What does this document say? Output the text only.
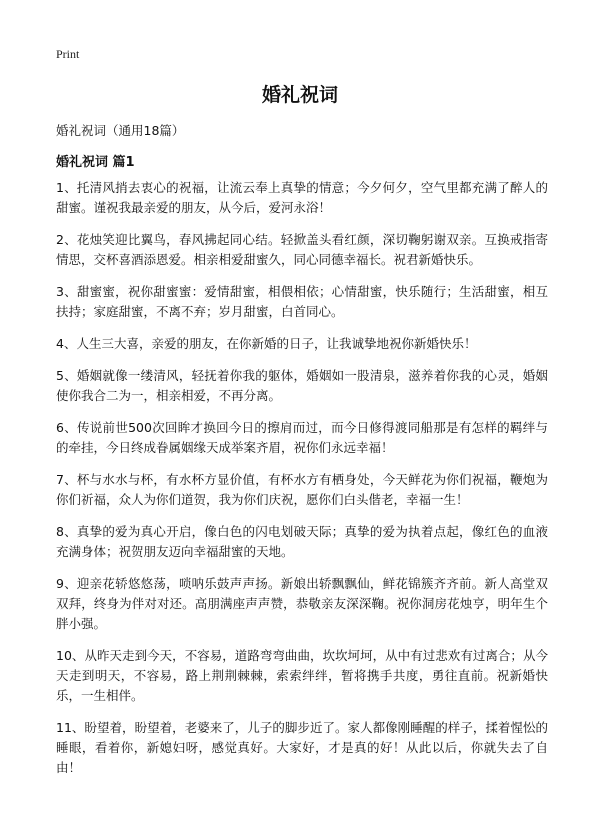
Print
婚礼祝词

婚礼祝词（通用18篇）

婚礼祝词 篇1

1、托清风捎去衷心的祝福，让流云奉上真挚的情意；今夕何夕，空气里都充满了醉人的甜蜜。谨祝我最亲爱的朋友，从今后，爱河永浴！

2、花烛笑迎比翼鸟，春风拂起同心结。轻掀盖头看红颜，深切鞠躬谢双亲。互换戒指寄情思，交杯喜酒添恩爱。相亲相爱甜蜜久，同心同德幸福长。祝君新婚快乐。

3、甜蜜蜜，祝你甜蜜蜜：爱情甜蜜，相偎相依；心情甜蜜，快乐随行；生活甜蜜，相互扶持；家庭甜蜜，不离不弃；岁月甜蜜，白首同心。

4、人生三大喜，亲爱的朋友，在你新婚的日子，让我诚挚地祝你新婚快乐！

5、婚姻就像一缕清风，轻抚着你我的躯体，婚姻如一股清泉，滋养着你我的心灵，婚姻使你我合二为一，相亲相爱，不再分离。

6、传说前世500次回眸才换回今日的擦肩而过，而今日修得渡同船那是有怎样的羁绊与的牵挂，今日终成眷属姻缘天成举案齐眉，祝你们永远幸福！

7、杯与水水与杯，有水杯方显价值，有杯水方有栖身处，今天鲜花为你们祝福，鞭炮为你们祈福，众人为你们道贺，我为你们庆祝，愿你们白头偕老，幸福一生！

8、真挚的爱为真心开启，像白色的闪电划破天际；真挚的爱为执着点起，像红色的血液充满身体；祝贺朋友迈向幸福甜蜜的天地。

9、迎亲花轿悠悠荡，唢呐乐鼓声声扬。新娘出轿飘飘仙，鲜花锦簇齐齐前。新人高堂双双拜，终身为伴对对还。高朋满座声声赞，恭敬亲友深深鞠。祝你洞房花烛亨，明年生个胖小强。

10、从昨天走到今天，不容易，道路弯弯曲曲，坎坎坷坷，从中有过悲欢有过离合；从今天走到明天，不容易，路上荆荆棘棘，索索绊绊，暂将携手共度，勇往直前。祝新婚快乐，一生相伴。

11、盼望着，盼望着，老婆来了，儿子的脚步近了。家人都像刚睡醒的样子，揉着惺忪的睡眼，看着你，新媳妇呀，感觉真好。大家好，才是真的好！从此以后，你就失去了自由！
